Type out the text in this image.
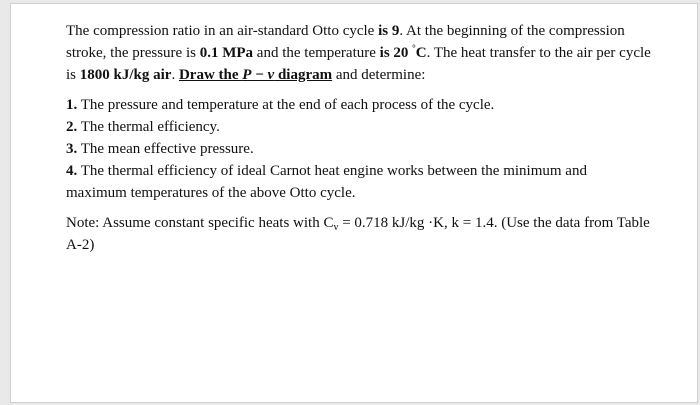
The compression ratio in an air-standard Otto cycle is 9. At the beginning of the compression stroke, the pressure is 0.1 MPa and the temperature is 20 °C. The heat transfer to the air per cycle is 1800 kJ/kg air. Draw the P − v diagram and determine:

1. The pressure and temperature at the end of each process of the cycle.

2. The thermal efficiency.

3. The mean effective pressure.

4. The thermal efficiency of ideal Carnot heat engine works between the minimum and maximum temperatures of the above Otto cycle.

Note: Assume constant specific heats with $C_v = 0.718$ kJ/kg ·K, k = 1.4. (Use the data from Table A-2)
